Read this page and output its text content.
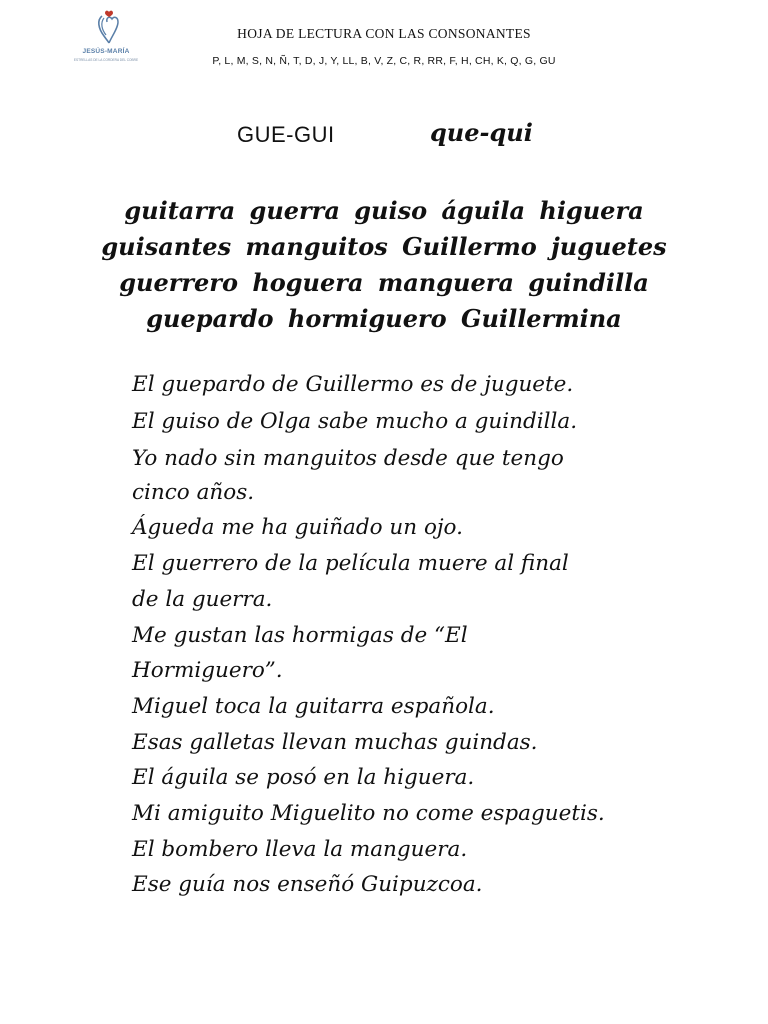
JESÚS-MARÍA
ESTRELLAS DE LA CORDERA DEL COBRE
HOJA DE LECTURA CON LAS CONSONANTES
P, L, M, S, N, Ñ, T, D, J, Y, LL, B, V, Z, C, R, RR, F, H, CH, K, Q, G, GU
GUE-GUI	que-qui
guitarra guerra guiso águila higuera
guisantes manguitos Guillermo juguetes
guerrero hoguera manguera guindilla
guepardo hormiguero Guillermina
El guepardo de Guillermo es de juguete.
El guiso de Olga sabe mucho a guindilla.
Yo nado sin manguitos desde que tengo
cinco años.
Águeda me ha guiñado un ojo.
El guerrero de la película muere al final
de la guerra.
Me gustan las hormigas de “El
Hormiguero”.
Miguel toca la guitarra española.
Esas galletas llevan muchas guindas.
El águila se posó en la higuera.
Mi amiguito Miguelito no come espaguetis.
El bombero lleva la manguera.
Ese guía nos enseñó Guipuzcoa.
